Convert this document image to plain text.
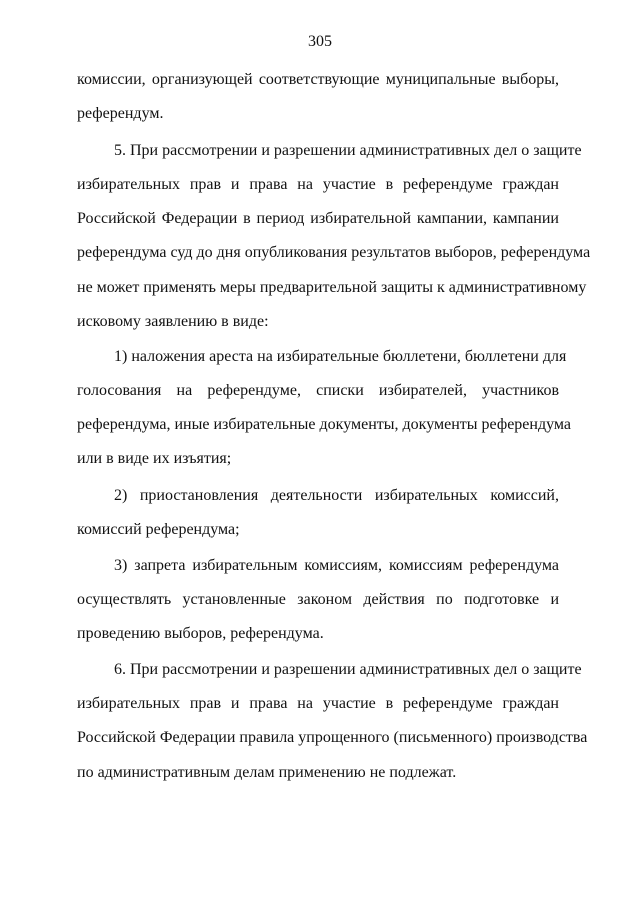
305
комиссии, организующей соответствующие муниципальные выборы,
референдум.
5. При рассмотрении и разрешении административных дел о защите
избирательных прав и права на участие в референдуме граждан
Российской Федерации в период избирательной кампании, кампании
референдума суд до дня опубликования результатов выборов, референдума
не может применять меры предварительной защиты к административному
исковому заявлению в виде:
1) наложения ареста на избирательные бюллетени, бюллетени для
голосования на референдуме, списки избирателей, участников
референдума, иные избирательные документы, документы референдума
или в виде их изъятия;
2) приостановления деятельности избирательных комиссий,
комиссий референдума;
3) запрета избирательным комиссиям, комиссиям референдума
осуществлять установленные законом действия по подготовке и
проведению выборов, референдума.
6. При рассмотрении и разрешении административных дел о защите
избирательных прав и права на участие в референдуме граждан
Российской Федерации правила упрощенного (письменного) производства
по административным делам применению не подлежат.
